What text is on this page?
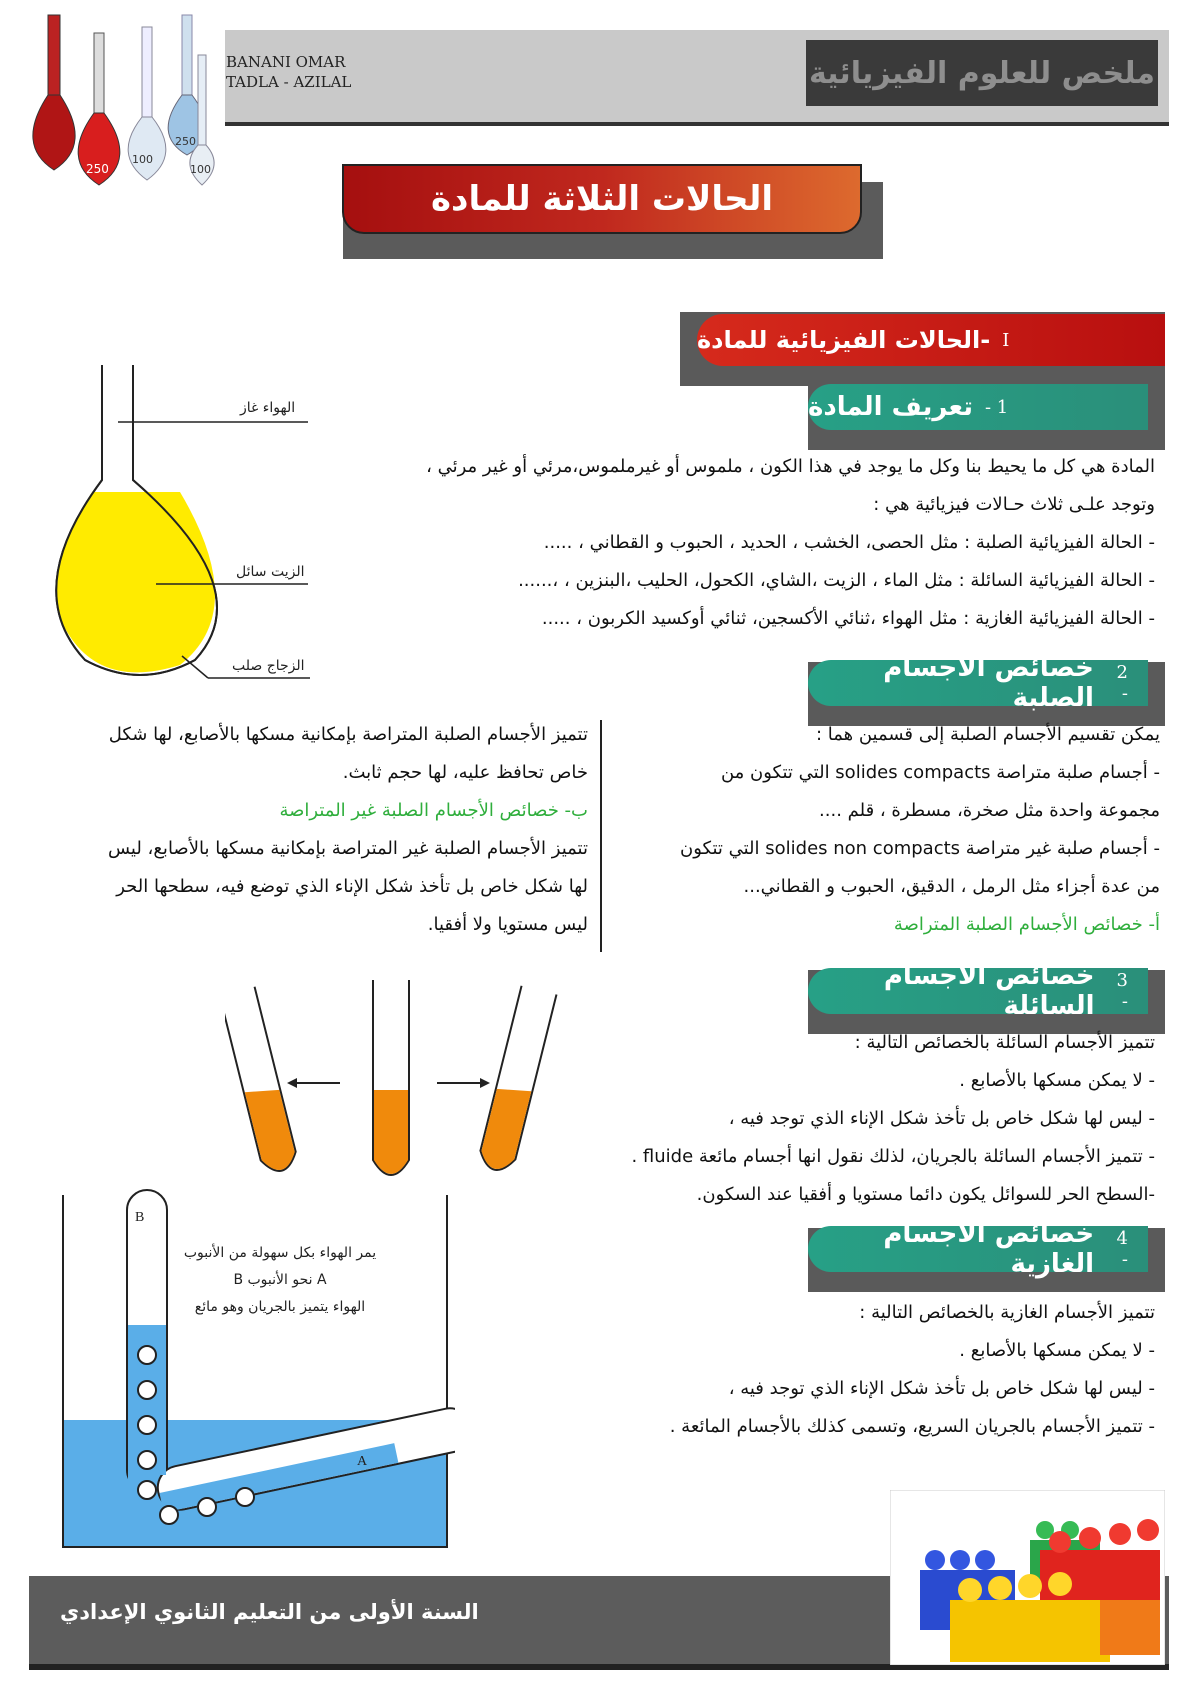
ملخص للعلوم الفيزيائية
BANANI OMAR
TADLA - AZILAL
250
100
250
100
الحالات الثلاثة للمادة
I
-الحالات الفيزيائية للمادة
1 -
تعريف المادة
المادة هي كل ما يحيط بنا وكل ما يوجد في هذا الكون ، ملموس أو غيرملموس،مرئي أو غير مرئي ،
وتوجد علـى ثلاث حـالات فيزيائية هي :
- الحالة الفيزيائية الصلبة : مثل الحصى، الخشب ، الحديد ، الحبوب و القطاني ، .....
- الحالة الفيزيائية السائلة : مثل الماء ، الزيت ،الشاي، الكحول، الحليب ،البنزين ، ،......
- الحالة الفيزيائية الغازية : مثل الهواء ،ثنائي الأكسجين، ثنائي أوكسيد الكربون ، .....
الهواء غاز
الزيت سائل
الزجاج صلب	2 -
خصائص الأجسام الصلبة
يمكن تقسيم الأجسام الصلبة إلى قسمين هما :
- أجسام صلبة متراصة solides compacts التي تتكون من
مجموعة واحدة مثل صخرة، مسطرة ، قلم ....
- أجسام صلبة غير متراصة solides non compacts التي تتكون
من عدة أجزاء مثل الرمل ، الدقيق، الحبوب و القطاني...
أ- خصائص الأجسام الصلبة المتراصة
تتميز الأجسام الصلبة المتراصة بإمكانية مسكها بالأصابع، لها شكل
خاص تحافظ عليه، لها حجم ثابث.
ب- خصائص الأجسام الصلبة غير المتراصة
تتميز الأجسام الصلبة غير المتراصة بإمكانية مسكها بالأصابع، ليس
لها شكل خاص بل تأخذ شكل الإناء الذي توضع فيه، سطحها الحر
ليس مستويا ولا أفقيا.
3 -
خصائص الأجسام السائلة
تتميز الأجسام السائلة بالخصائص التالية :
- لا يمكن مسكها بالأصابع .
- ليس لها شكل خاص بل تأخذ شكل الإناء الذي توجد فيه ،
- تتميز الأجسام السائلة بالجريان، لذلك نقول انها أجسام مائعة fluide .
-السطح الحر للسوائل يكون دائما مستويا و أفقيا عند السكون.
B
A
يمر الهواء بكل سهولة من الأنبوب
A نحو الأنبوب B
الهواء يتميز بالجريان وهو مائع
4 -
خصائص الأجسام الغازية
تتميز الأجسام الغازية بالخصائص التالية :
- لا يمكن مسكها بالأصابع .
- ليس لها شكل خاص بل تأخذ شكل الإناء الذي توجد فيه ،
- تتميز الأجسام بالجريان السريع، وتسمى كذلك بالأجسام المائعة .
السنة الأولى من التعليم الثانوي الإعدادي
